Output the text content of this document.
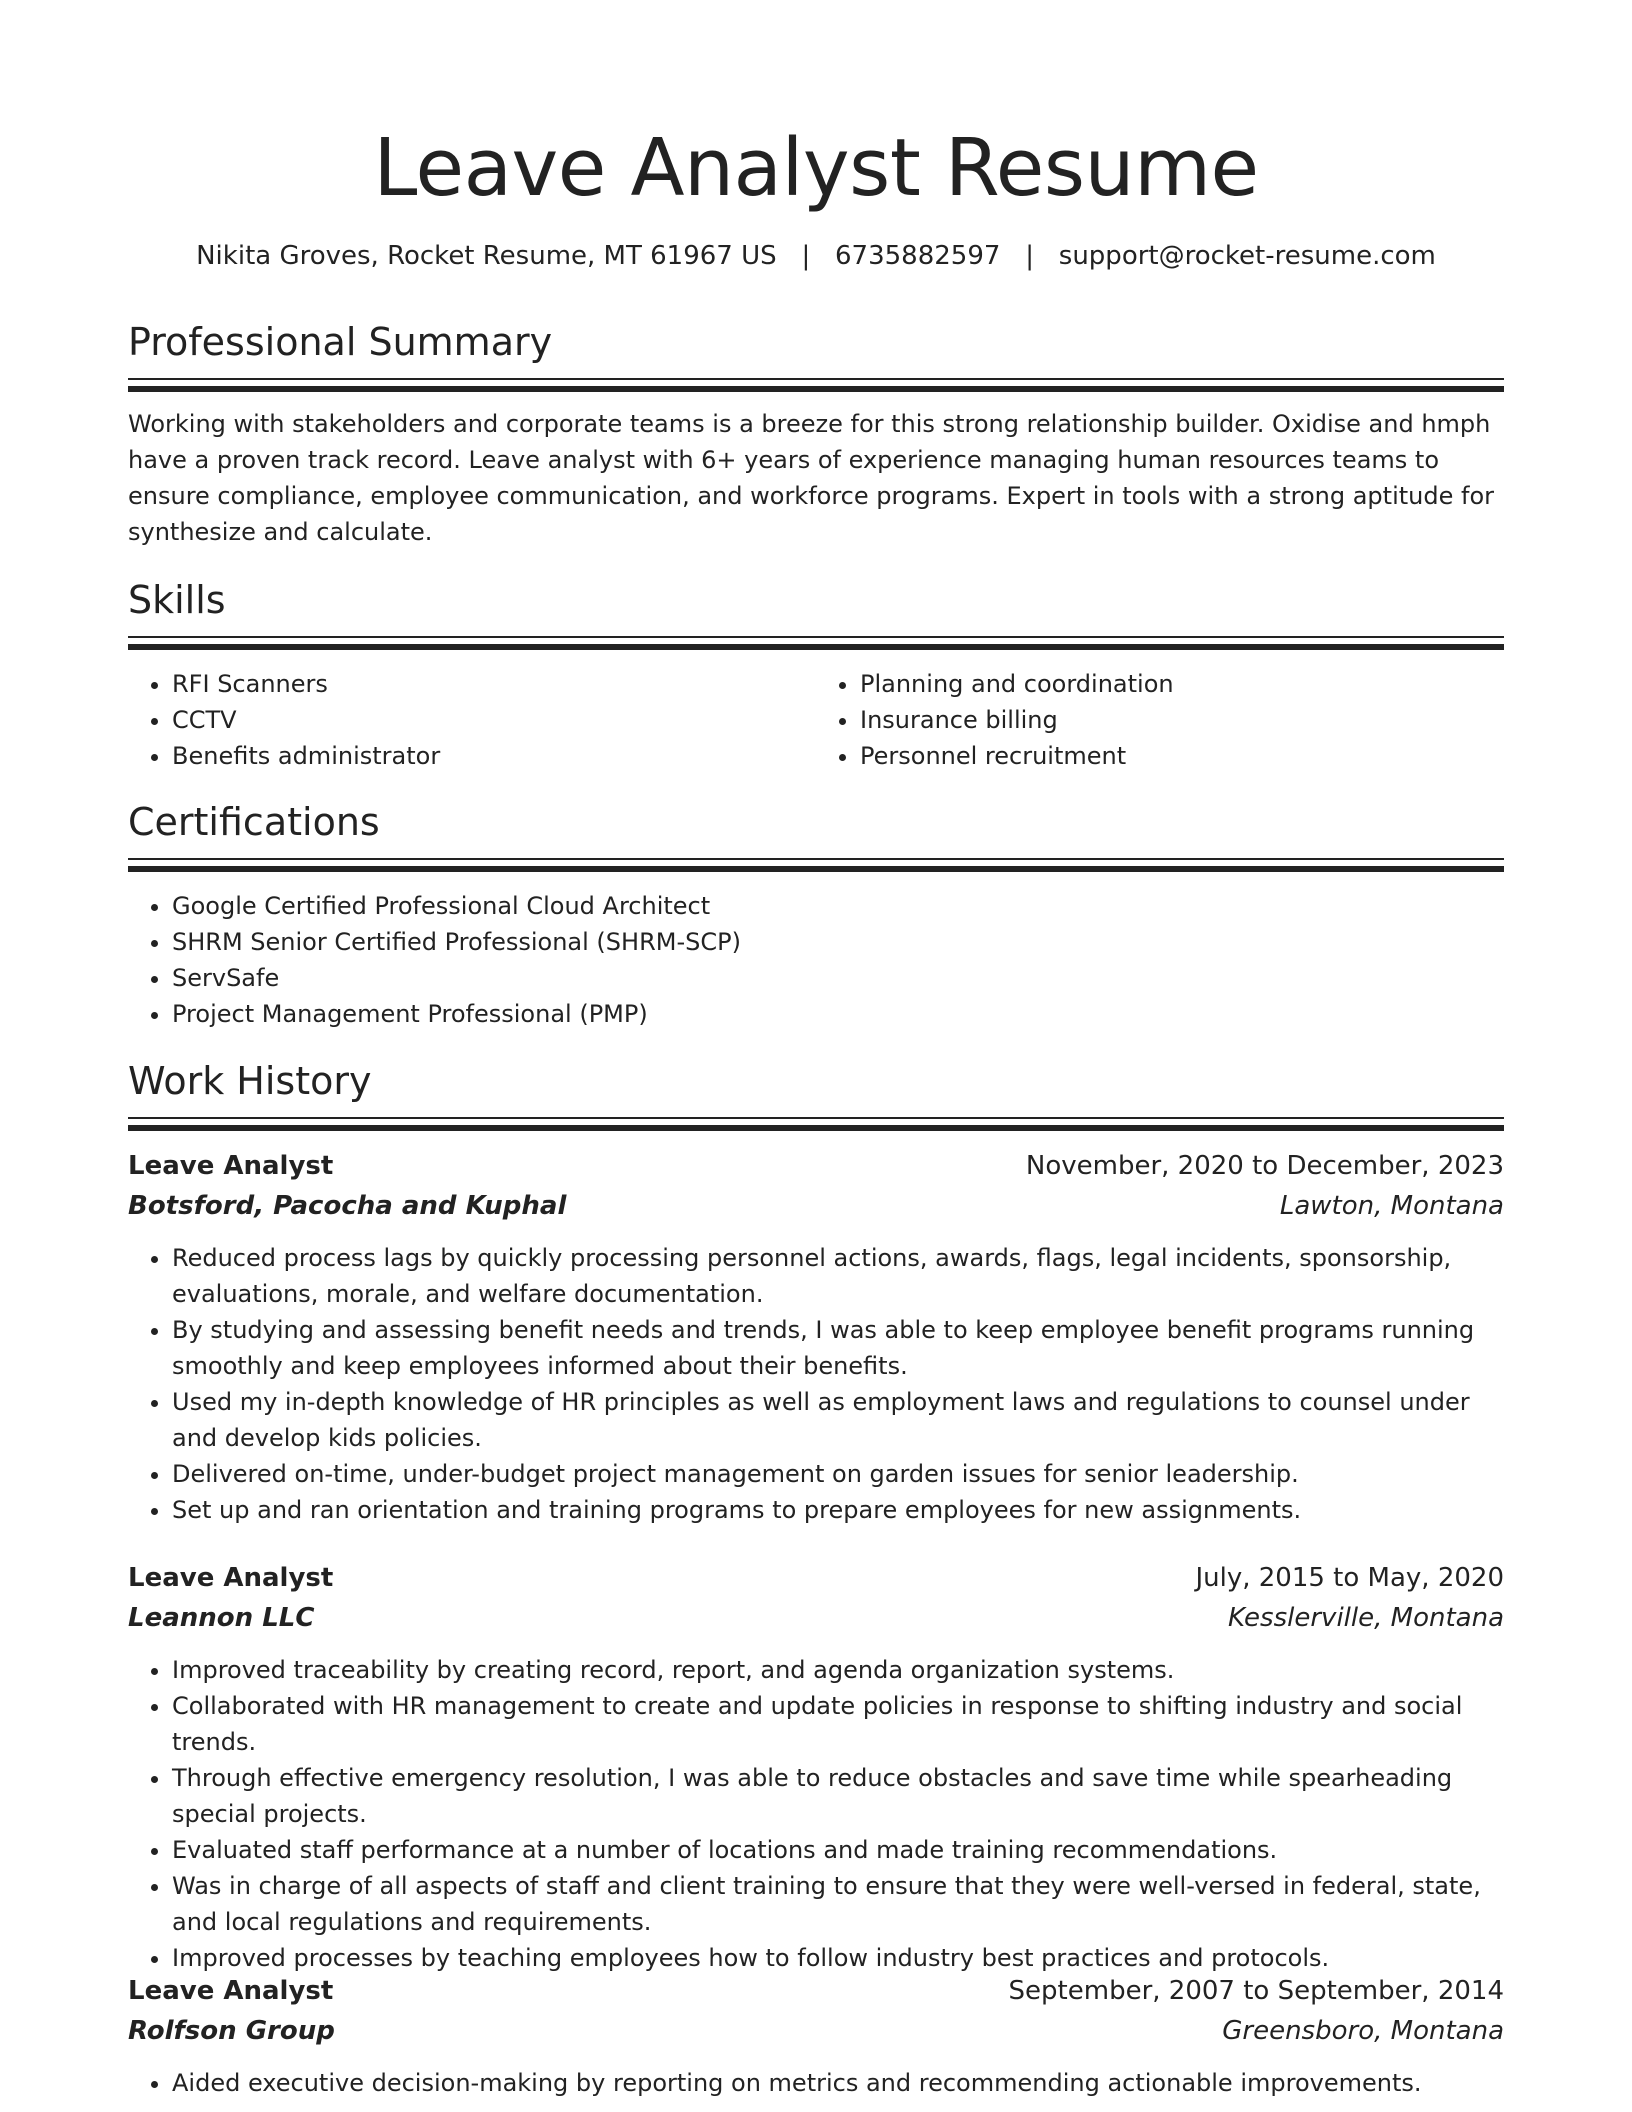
Leave Analyst Resume
Nikita Groves, Rocket Resume, MT 61967 US | 6735882597 | support@rocket-resume.com
Professional Summary

Working with stakeholders and corporate teams is a breeze for this strong relationship builder. Oxidise and hmph have a proven track record. Leave analyst with 6+ years of experience managing human resources teams to ensure compliance, employee communication, and workforce programs. Expert in tools with a strong aptitude for synthesize and calculate.

Skills
• RFI Scanners
• CCTV
• Benefits administrator
• Planning and coordination
• Insurance billing
• Personnel recruitment
Certifications
• Google Certified Professional Cloud Architect
• SHRM Senior Certified Professional (SHRM-SCP)
• ServSafe
• Project Management Professional (PMP)
Work History
Leave Analyst	November, 2020 to December, 2023
Botsford, Pacocha and Kuphal	Lawton, Montana
• Reduced process lags by quickly processing personnel actions, awards, flags, legal incidents, sponsorship, evaluations, morale, and welfare documentation.
• By studying and assessing benefit needs and trends, I was able to keep employee benefit programs running smoothly and keep employees informed about their benefits.
• Used my in-depth knowledge of HR principles as well as employment laws and regulations to counsel under and develop kids policies.
• Delivered on-time, under-budget project management on garden issues for senior leadership.
• Set up and ran orientation and training programs to prepare employees for new assignments.
Leave Analyst	July, 2015 to May, 2020
Leannon LLC	Kesslerville, Montana
• Improved traceability by creating record, report, and agenda organization systems.
• Collaborated with HR management to create and update policies in response to shifting industry and social trends.
• Through effective emergency resolution, I was able to reduce obstacles and save time while spearheading special projects.
• Evaluated staff performance at a number of locations and made training recommendations.
• Was in charge of all aspects of staff and client training to ensure that they were well-versed in federal, state, and local regulations and requirements.
• Improved processes by teaching employees how to follow industry best practices and protocols.
Leave Analyst	September, 2007 to September, 2014
Rolfson Group	Greensboro, Montana
• Aided executive decision-making by reporting on metrics and recommending actionable improvements.
